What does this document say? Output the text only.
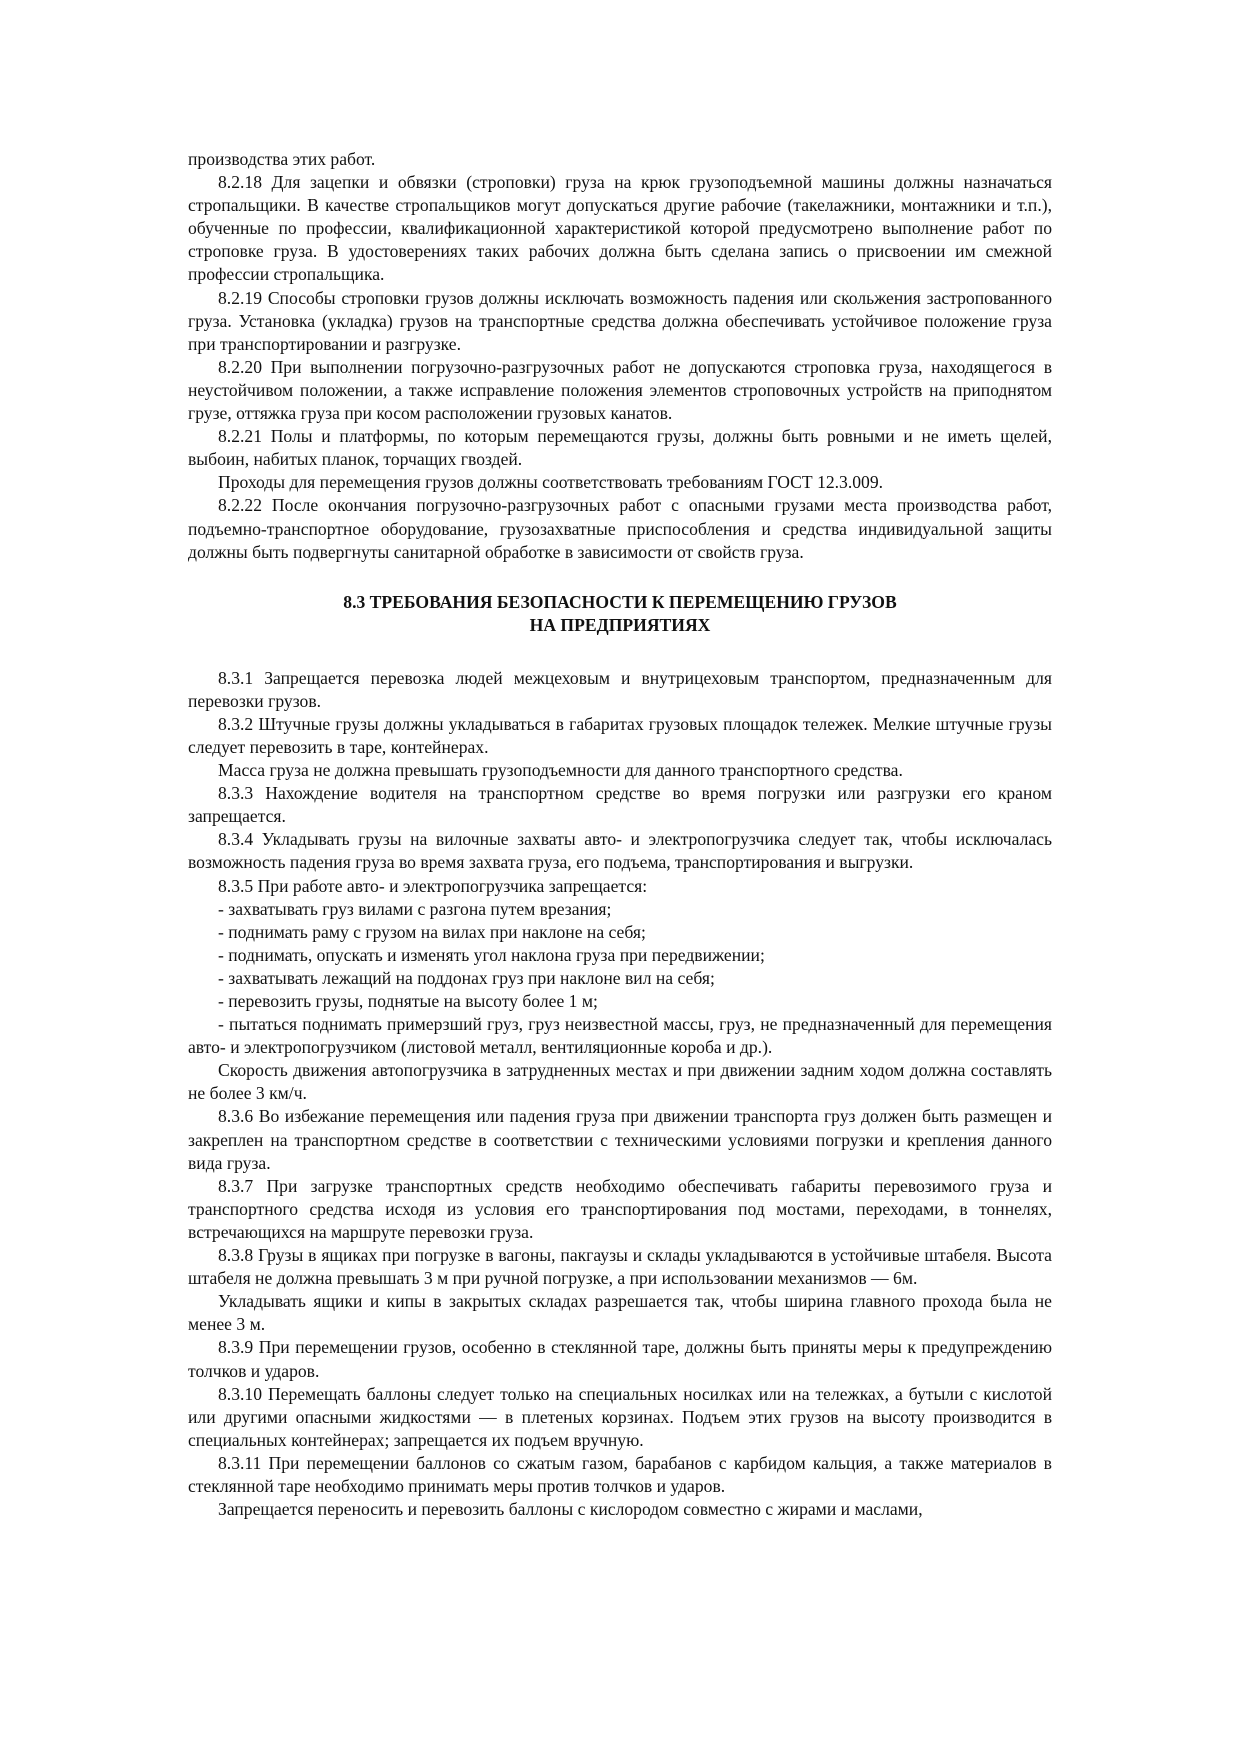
производства этих работ.

8.2.18 Для зацепки и обвязки (строповки) груза на крюк грузоподъемной машины должны назначаться стропальщики. В качестве стропальщиков могут допускаться другие рабочие (такелажники, монтажники и т.п.), обученные по профессии, квалификационной характеристикой которой предусмотрено выполнение работ по строповке груза. В удостоверениях таких рабочих должна быть сделана запись о присвоении им смежной профессии стропальщика.

8.2.19 Способы строповки грузов должны исключать возможность падения или скольжения застропованного груза. Установка (укладка) грузов на транспортные средства должна обеспечивать устойчивое положение груза при транспортировании и разгрузке.

8.2.20 При выполнении погрузочно-разгрузочных работ не допускаются строповка груза, находящегося в неустойчивом положении, а также исправление положения элементов строповочных устройств на приподнятом грузе, оттяжка груза при косом расположении грузовых канатов.

8.2.21 Полы и платформы, по которым перемещаются грузы, должны быть ровными и не иметь щелей, выбоин, набитых планок, торчащих гвоздей.

Проходы для перемещения грузов должны соответствовать требованиям ГОСТ 12.3.009.

8.2.22 После окончания погрузочно-разгрузочных работ с опасными грузами места производства работ, подъемно-транспортное оборудование, грузозахватные приспособления и средства индивидуальной защиты должны быть подвергнуты санитарной обработке в зависимости от свойств груза.

8.3 ТРЕБОВАНИЯ БЕЗОПАСНОСТИ К ПЕРЕМЕЩЕНИЮ ГРУЗОВ
НА ПРЕДПРИЯТИЯХ

8.3.1 Запрещается перевозка людей межцеховым и внутрицеховым транспортом, предназначенным для перевозки грузов.

8.3.2 Штучные грузы должны укладываться в габаритах грузовых площадок тележек. Мелкие штучные грузы следует перевозить в таре, контейнерах.

Масса груза не должна превышать грузоподъемности для данного транспортного средства.

8.3.3 Нахождение водителя на транспортном средстве во время погрузки или разгрузки его краном запрещается.

8.3.4 Укладывать грузы на вилочные захваты авто- и электропогрузчика следует так, чтобы исключалась возможность падения груза во время захвата груза, его подъема, транспортирования и выгрузки.

8.3.5 При работе авто- и электропогрузчика запрещается:

- захватывать груз вилами с разгона путем врезания;

- поднимать раму с грузом на вилах при наклоне на себя;

- поднимать, опускать и изменять угол наклона груза при передвижении;

- захватывать лежащий на поддонах груз при наклоне вил на себя;

- перевозить грузы, поднятые на высоту более 1 м;

- пытаться поднимать примерзший груз, груз неизвестной массы, груз, не предназначенный для перемещения авто- и электропогрузчиком (листовой металл, вентиляционные короба и др.).

Скорость движения автопогрузчика в затрудненных местах и при движении задним ходом должна составлять не более 3 км/ч.

8.3.6 Во избежание перемещения или падения груза при движении транспорта груз должен быть размещен и закреплен на транспортном средстве в соответствии с техническими условиями погрузки и крепления данного вида груза.

8.3.7 При загрузке транспортных средств необходимо обеспечивать габариты перевозимого груза и транспортного средства исходя из условия его транспортирования под мостами, переходами, в тоннелях, встречающихся на маршруте перевозки груза.

8.3.8 Грузы в ящиках при погрузке в вагоны, пакгаузы и склады укладываются в устойчивые штабеля. Высота штабеля не должна превышать 3 м при ручной погрузке, а при использовании механизмов — 6м.

Укладывать ящики и кипы в закрытых складах разрешается так, чтобы ширина главного прохода была не менее 3 м.

8.3.9 При перемещении грузов, особенно в стеклянной таре, должны быть приняты меры к предупреждению толчков и ударов.

8.3.10 Перемещать баллоны следует только на специальных носилках или на тележках, а бутыли с кислотой или другими опасными жидкостями — в плетеных корзинах. Подъем этих грузов на высоту производится в специальных контейнерах; запрещается их подъем вручную.

8.3.11 При перемещении баллонов со сжатым газом, барабанов с карбидом кальция, а также материалов в стеклянной таре необходимо принимать меры против толчков и ударов.

Запрещается переносить и перевозить баллоны с кислородом совместно с жирами и маслами,
